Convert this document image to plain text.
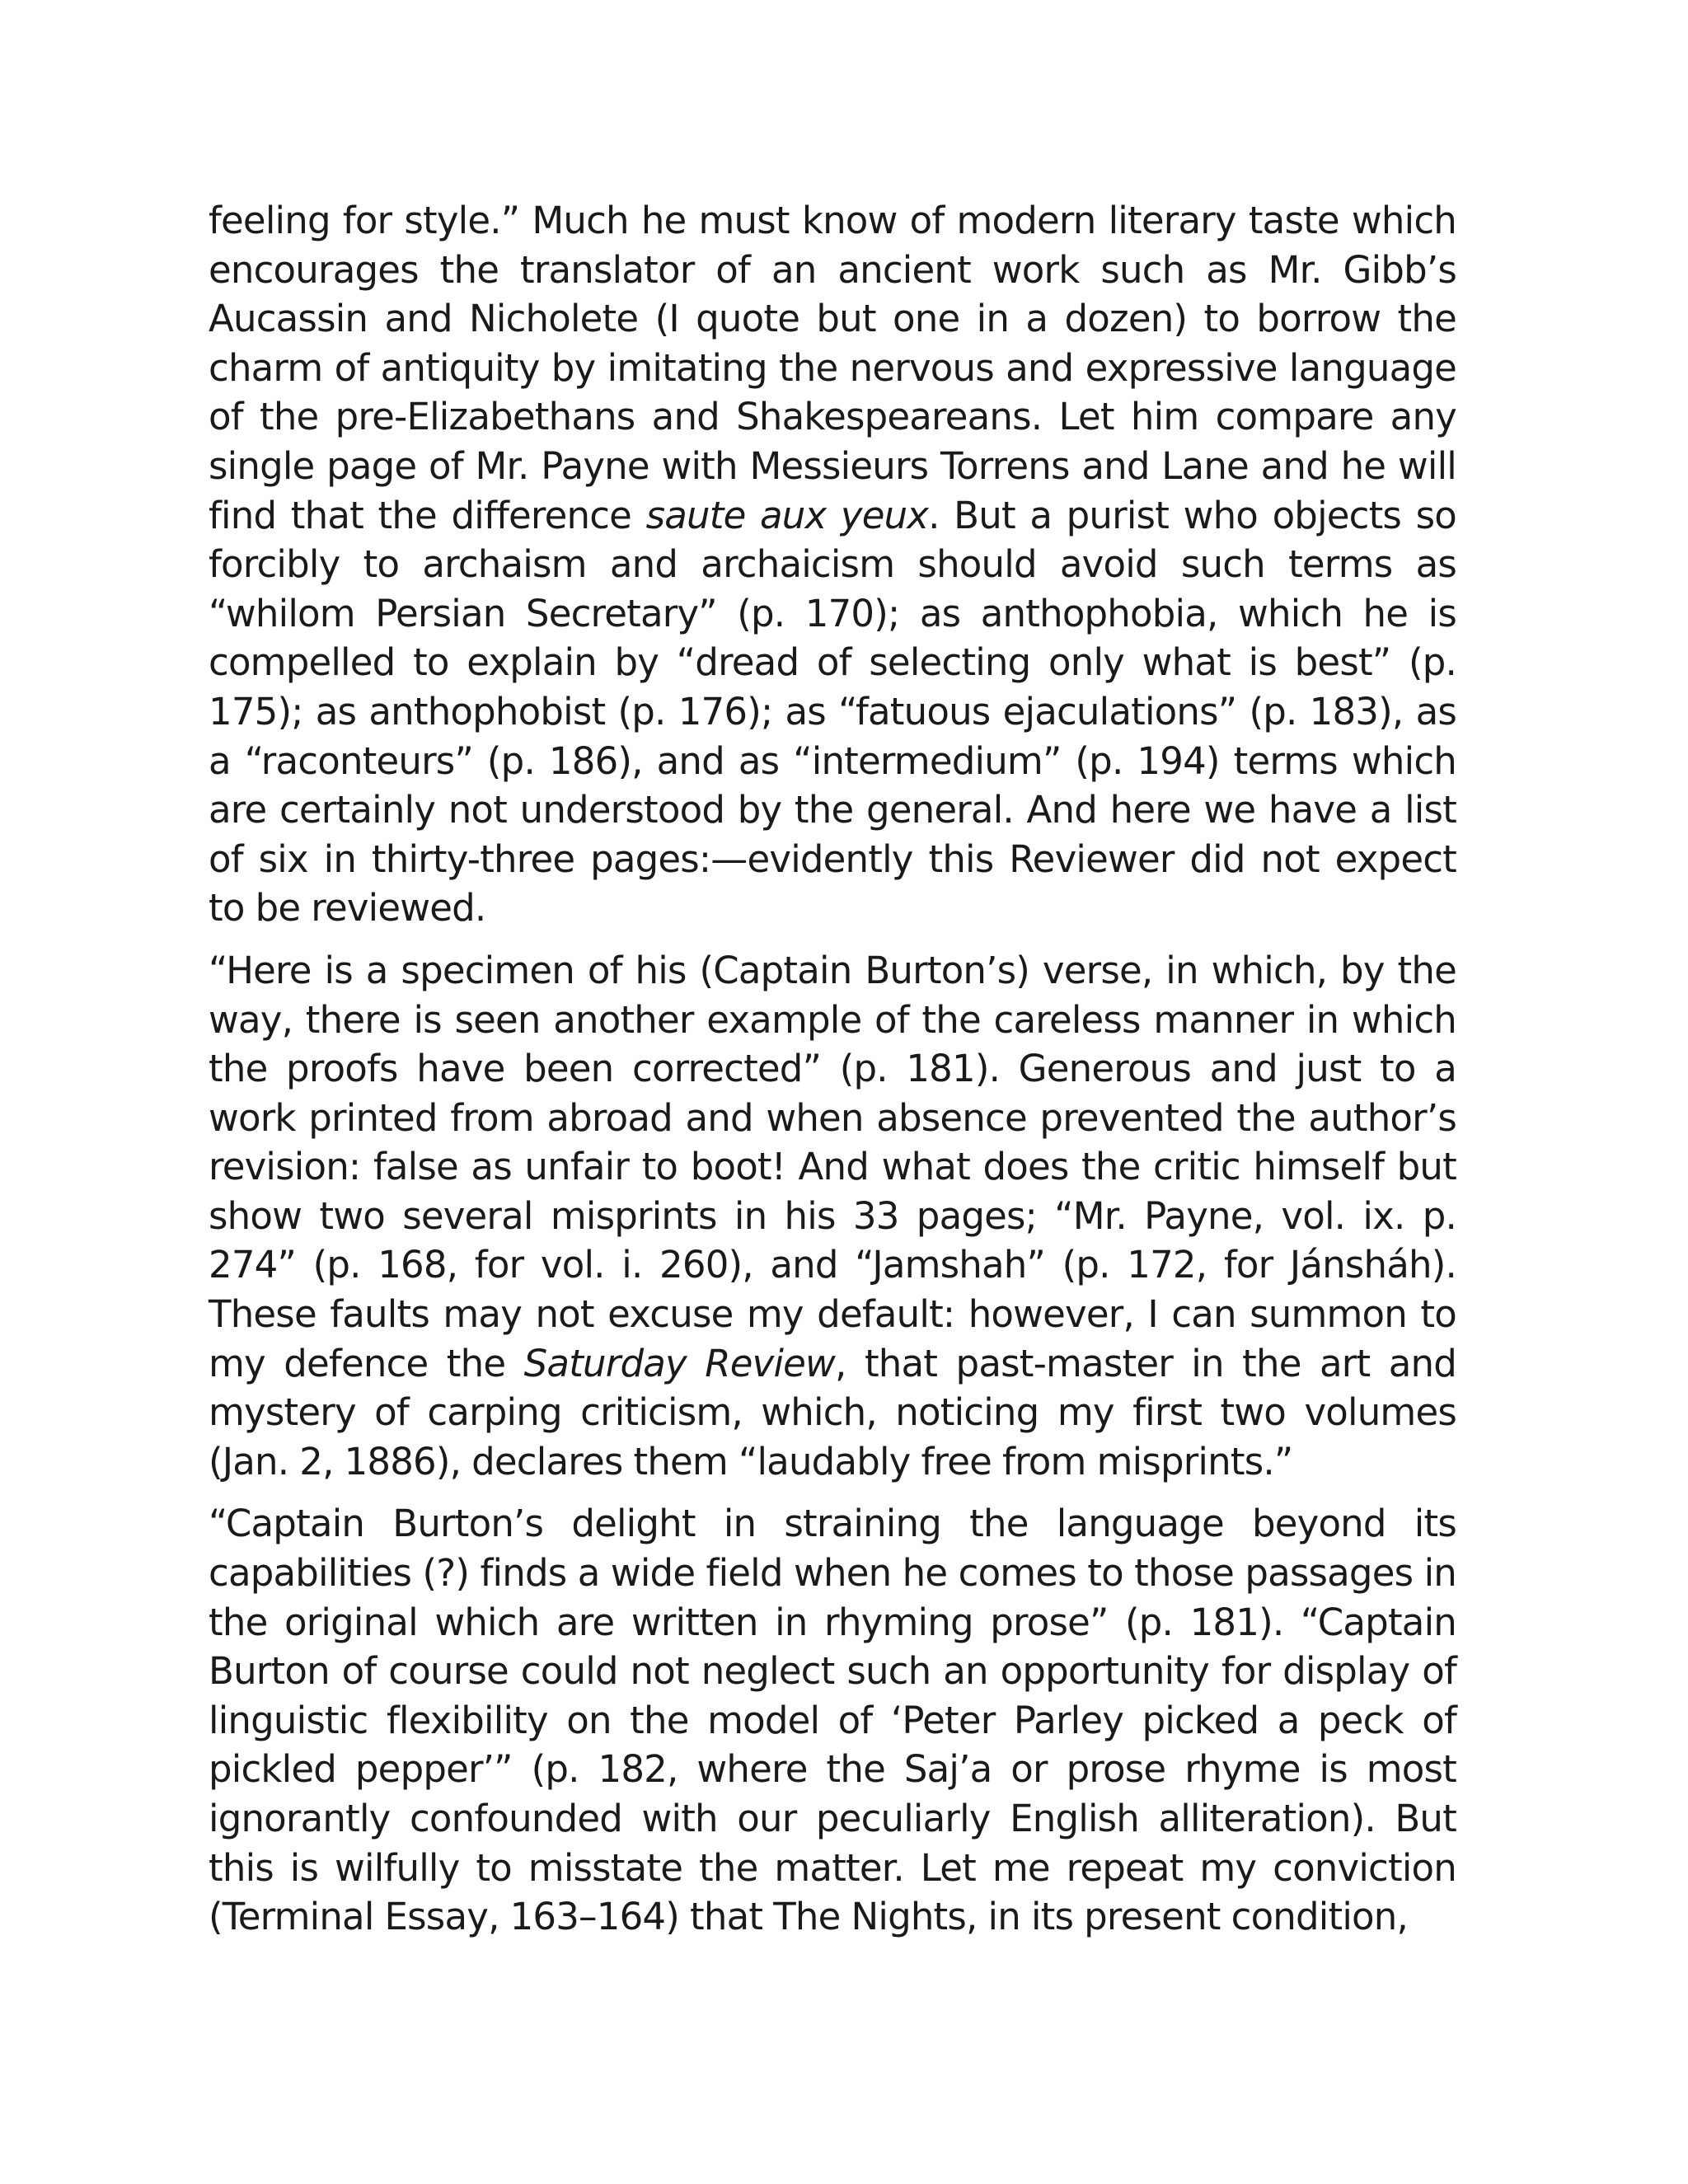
feeling for style.” Much he must know of modern literary taste which encourages the translator of an ancient work such as Mr. Gibb’s Aucassin and Nicholete (I quote but one in a dozen) to borrow the charm of antiquity by imitating the nervous and expressive language of the pre-Elizabethans and Shakespeareans. Let him compare any single page of Mr. Payne with Messieurs Torrens and Lane and he will find that the difference saute aux yeux. But a purist who objects so forcibly to archaism and archaicism should avoid such terms as “whilom Persian Secretary” (p. 170); as anthophobia, which he is compelled to explain by “dread of selecting only what is best” (p. 175); as anthophobist (p. 176); as “fatuous ejaculations” (p. 183), as a “raconteurs” (p. 186), and as “intermedium” (p. 194) terms which are certainly not understood by the general. And here we have a list of six in thirty-three pages:—evidently this Reviewer did not expect to be reviewed.

“Here is a specimen of his (Captain Burton’s) verse, in which, by the way, there is seen another example of the careless manner in which the proofs have been corrected” (p. 181). Generous and just to a work printed from abroad and when absence prevented the author’s revision: false as unfair to boot! And what does the critic himself but show two several misprints in his 33 pages; “Mr. Payne, vol. ix. p. 274” (p. 168, for vol. i. 260), and “Jamshah” (p. 172, for Jánsháh). These faults may not excuse my default: however, I can summon to my defence the Saturday Review, that past-master in the art and mystery of carping criticism, which, noticing my first two volumes (Jan. 2, 1886), declares them “laudably free from misprints.”

“Captain Burton’s delight in straining the language beyond its capabilities (?) finds a wide field when he comes to those passages in the original which are written in rhyming prose” (p. 181). “Captain Burton of course could not neglect such an opportunity for display of linguistic flexibility on the model of ‘Peter Parley picked a peck of pickled pepper’” (p. 182, where the Saj’a or prose rhyme is most ignorantly confounded with our peculiarly English alliteration). But this is wilfully to misstate the matter. Let me repeat my conviction (Terminal Essay, 163–164) that The Nights, in its present condition,
